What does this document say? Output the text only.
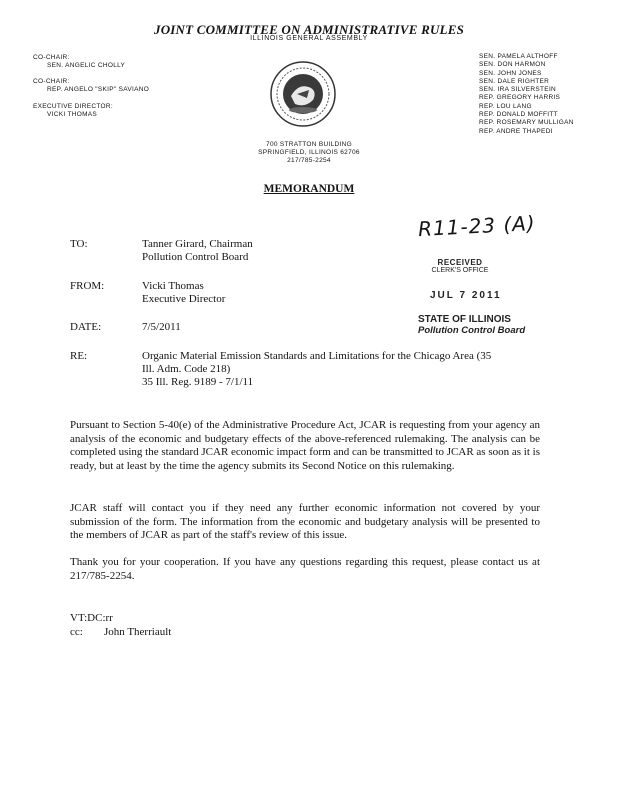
JOINT COMMITTEE ON ADMINISTRATIVE RULES
ILLINOIS GENERAL ASSEMBLY
CO-CHAIR:
SEN. ANGELIC CHOLLY
CO-CHAIR:
REP. ANGELO "SKIP" SAVIANO
EXECUTIVE DIRECTOR:
VICKI THOMAS
SEN. PAMELA ALTHOFF
SEN. DON HARMON
SEN. JOHN JONES
SEN. DALE RIGHTER
SEN. IRA SILVERSTEIN
REP. GREGORY HARRIS
REP. LOU LANG
REP. DONALD MOFFITT
REP. ROSEMARY MULLIGAN
REP. ANDRE THAPEDI
700 STRATTON BUILDING
SPRINGFIELD, ILLINOIS 62706
217/785-2254
MEMORANDUM
R11-23 (A)
RECEIVED
CLERK'S OFFICE
JUL 7 2011
STATE OF ILLINOIS
Pollution Control Board
TO:	Tanner Girard, Chairman
Pollution Control Board
FROM:	Vicki Thomas
Executive Director
DATE:	7/5/2011
RE:	Organic Material Emission Standards and Limitations for the Chicago Area (35
Ill. Adm. Code 218)
35 Ill. Reg. 9189 - 7/1/11
Pursuant to Section 5-40(e) of the Administrative Procedure Act, JCAR is requesting from your agency an analysis of the economic and budgetary effects of the above-referenced rulemaking. The analysis can be completed using the standard JCAR economic impact form and can be transmitted to JCAR as soon as it is ready, but at least by the time the agency submits its Second Notice on this rulemaking.
JCAR staff will contact you if they need any further economic information not covered by your submission of the form. The information from the economic and budgetary analysis will be presented to the members of JCAR as part of the staff's review of this issue.
Thank you for your cooperation. If you have any questions regarding this request, please contact us at 217/785-2254.
VT:DC:rr
cc: John Therriault
